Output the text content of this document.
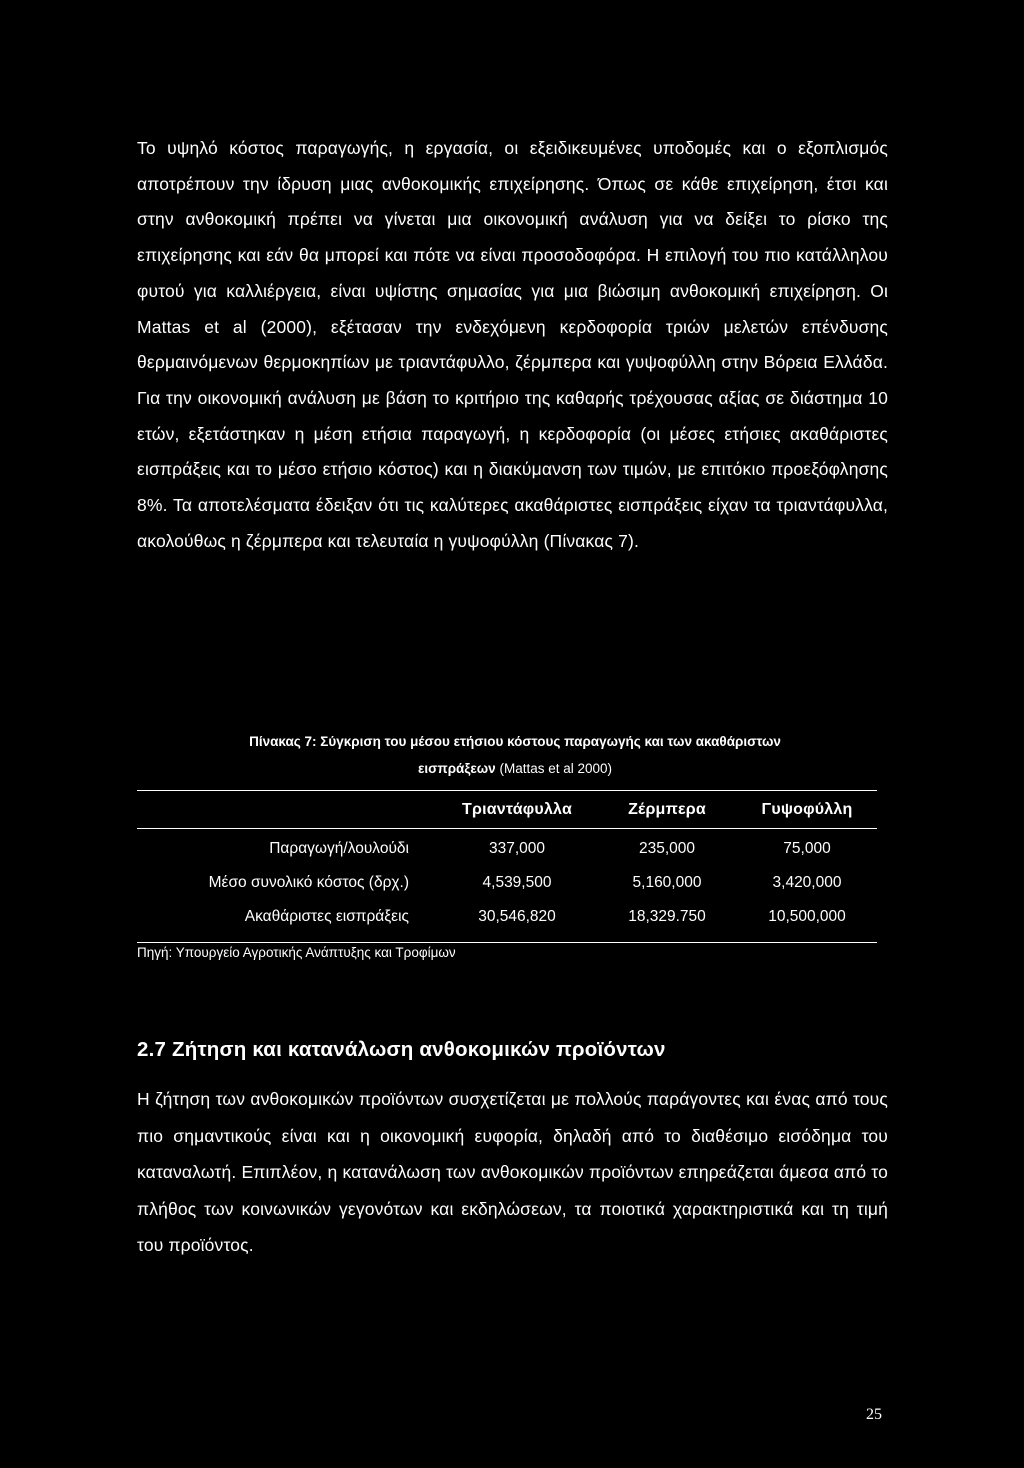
Το υψηλό κόστος παραγωγής, η εργασία, οι εξειδικευμένες υποδομές και ο εξοπλισμός αποτρέπουν την ίδρυση μιας ανθοκομικής επιχείρησης. Όπως σε κάθε επιχείρηση, έτσι και στην ανθοκομική πρέπει να γίνεται μια οικονομική ανάλυση για να δείξει το ρίσκο της επιχείρησης και εάν θα μπορεί και πότε να είναι προσοδοφόρα. Η επιλογή του πιο κατάλληλου φυτού για καλλιέργεια, είναι υψίστης σημασίας για μια βιώσιμη ανθοκομική επιχείρηση. Οι Mattas et al (2000), εξέτασαν την ενδεχόμενη κερδοφορία τριών μελετών επένδυσης θερμαινόμενων θερμοκηπίων με τριαντάφυλλο, ζέρμπερα και γυψοφύλλη στην Βόρεια Ελλάδα. Για την οικονομική ανάλυση με βάση το κριτήριο της καθαρής τρέχουσας αξίας σε διάστημα 10 ετών, εξετάστηκαν η μέση ετήσια παραγωγή, η κερδοφορία (οι μέσες ετήσιες ακαθάριστες εισπράξεις και το μέσο ετήσιο κόστος) και η διακύμανση των τιμών, με επιτόκιο προεξόφλησης 8%. Τα αποτελέσματα έδειξαν ότι τις καλύτερες ακαθάριστες εισπράξεις είχαν τα τριαντάφυλλα, ακολούθως η ζέρμπερα και τελευταία η γυψοφύλλη (Πίνακας 7).

Πίνακας 7: Σύγκριση του μέσου ετήσιου κόστους παραγωγής και των ακαθάριστων
εισπράξεων (Mattas et al 2000)

	Τριαντάφυλλα	Ζέρμπερα	Γυψοφύλλη
Παραγωγή/λουλούδι	337,000	235,000	75,000
Μέσο συνολικό κόστος (δρχ.)	4,539,500	5,160,000	3,420,000
Ακαθάριστες εισπράξεις	30,546,820	18,329.750	10,500,000

Πηγή: Υπουργείο Αγροτικής Ανάπτυξης και Τροφίμων

2.7 Ζήτηση και κατανάλωση ανθοκομικών προϊόντων

Η ζήτηση των ανθοκομικών προϊόντων συσχετίζεται με πολλούς παράγοντες και ένας από τους πιο σημαντικούς είναι και η οικονομική ευφορία, δηλαδή από το διαθέσιμο εισόδημα του καταναλωτή. Επιπλέον, η κατανάλωση των ανθοκομικών προϊόντων επηρεάζεται άμεσα από το πλήθος των κοινωνικών γεγονότων και εκδηλώσεων, τα ποιοτικά χαρακτηριστικά και τη τιμή του προϊόντος.

25
